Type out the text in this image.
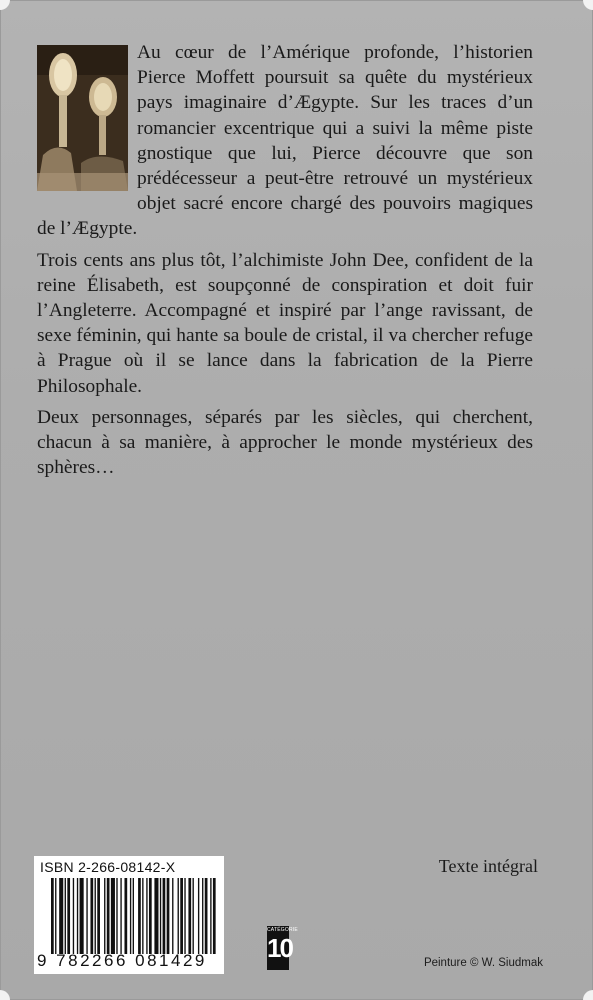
Au cœur de l’Amérique profonde, l’historien Pierce Moffett poursuit sa quête du mystérieux pays imaginaire d’Ægypte. Sur les traces d’un romancier excentrique qui a suivi la même piste gnostique que lui, Pierce découvre que son prédécesseur a peut-être retrouvé un mystérieux objet sacré encore chargé des pouvoirs magiques de l’Ægypte.

Trois cents ans plus tôt, l’alchimiste John Dee, confident de la reine Élisabeth, est soupçonné de conspiration et doit fuir l’Angleterre. Accompagné et inspiré par l’ange ravissant, de sexe féminin, qui hante sa boule de cristal, il va chercher refuge à Prague où il se lance dans la fabrication de la Pierre Philosophale.

Deux personnages, séparés par les siècles, qui cherchent, chacun à sa manière, à approcher le monde mystérieux des sphères…

Texte intégral
ISBN 2-266-08142-X
9 782266 081429
CATÉGORIE
10	Peinture © W. Siudmak
